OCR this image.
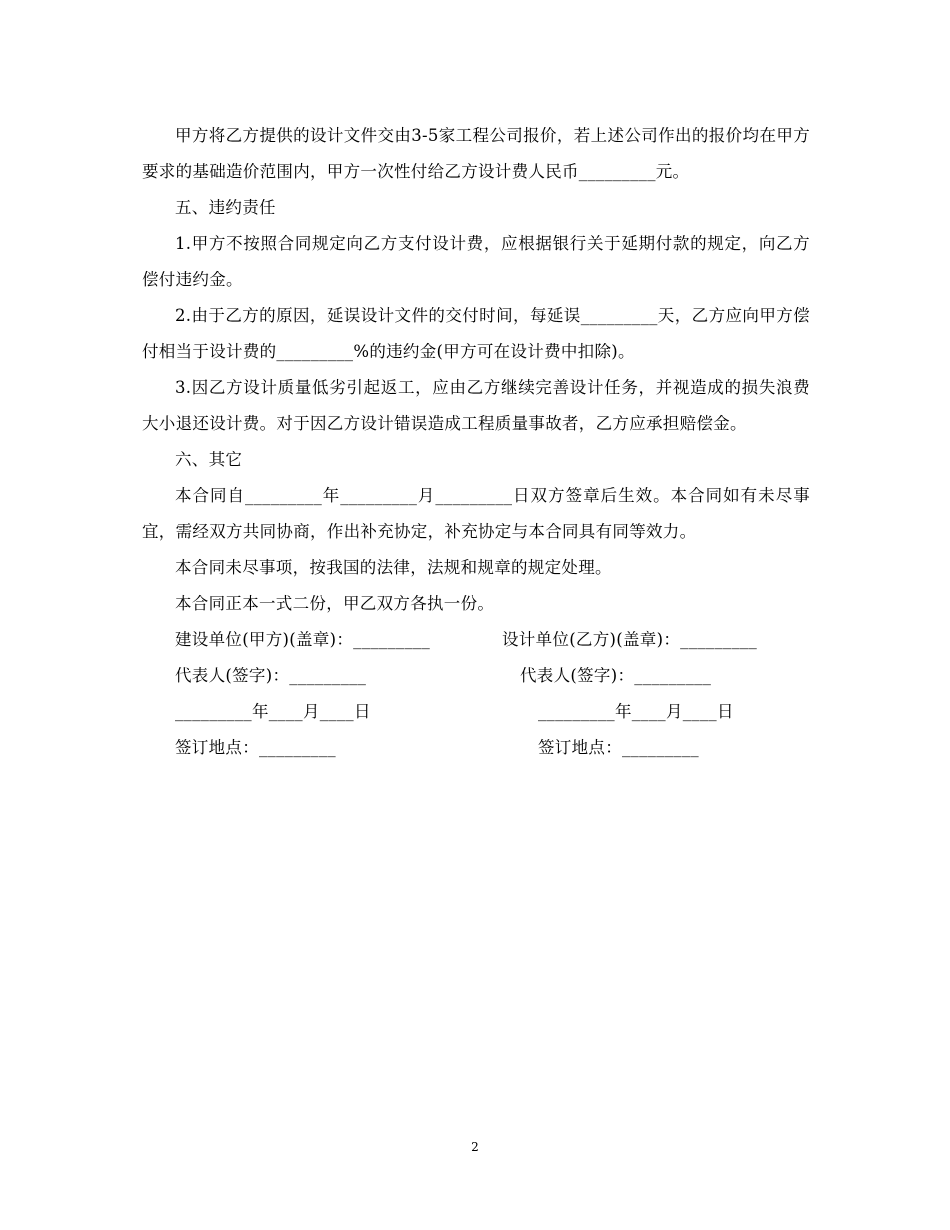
甲方将乙方提供的设计文件交由3-5家工程公司报价，若上述公司作出的报价均在甲方要求的基础造价范围内，甲方一次性付给乙方设计费人民币_________元。

五、违约责任

1.甲方不按照合同规定向乙方支付设计费，应根据银行关于延期付款的规定，向乙方偿付违约金。

2.由于乙方的原因，延误设计文件的交付时间，每延误_________天，乙方应向甲方偿付相当于设计费的_________%的违约金(甲方可在设计费中扣除)。

3.因乙方设计质量低劣引起返工，应由乙方继续完善设计任务，并视造成的损失浪费大小退还设计费。对于因乙方设计错误造成工程质量事故者，乙方应承担赔偿金。

六、其它

本合同自_________年_________月_________日双方签章后生效。本合同如有未尽事宜，需经双方共同协商，作出补充协定，补充协定与本合同具有同等效力。

本合同未尽事项，按我国的法律，法规和规章的规定处理。

本合同正本一式二份，甲乙双方各执一份。

建设单位(甲方)(盖章)：_________	设计单位(乙方)(盖章)：_________
代表人(签字)：_________	代表人(签字)：_________
_________年____月____日	_________年____月____日
签订地点：_________	签订地点：_________
2
